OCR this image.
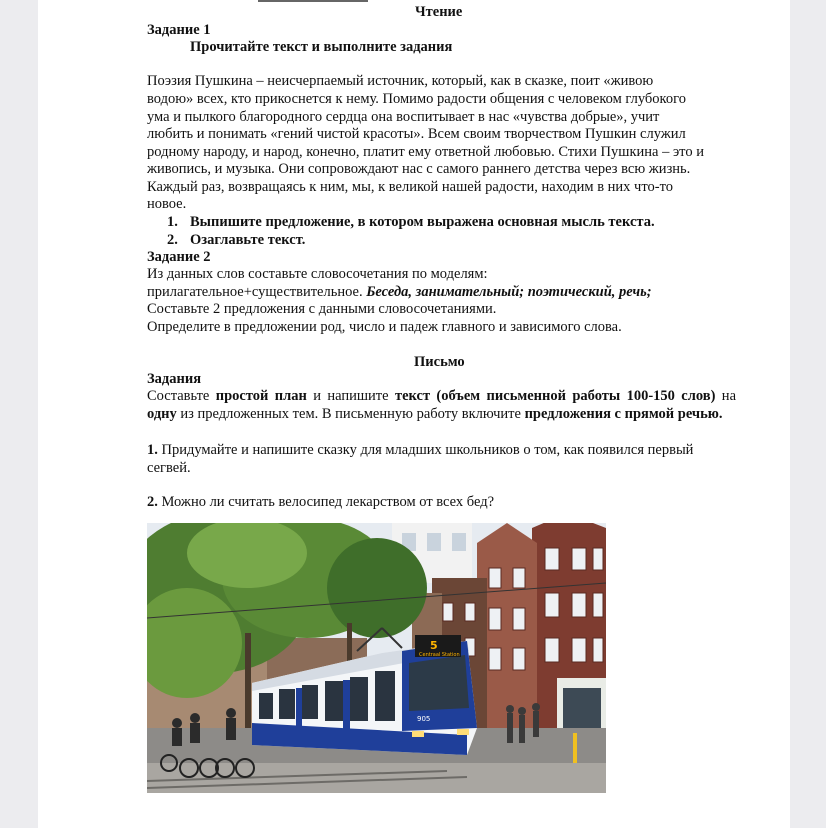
Чтение
Задание 1
Прочитайте текст и выполните задания
Поэзия Пушкина – неисчерпаемый источник, который, как в сказке, поит «живою
водою» всех, кто прикоснется к нему. Помимо радости общения с человеком глубокого
ума и пылкого благородного сердца она воспитывает в нас «чувства добрые», учит
любить и понимать «гений чистой красоты». Всем своим творчеством Пушкин служил
родному народу, и народ, конечно, платит ему ответной любовью. Стихи Пушкина – это и
живопись, и музыка. Они сопровождают нас с самого раннего детства через всю жизнь.
Каждый раз, возвращаясь к ним, мы, к великой нашей радости, находим в них что-то
новое.
1. Выпишите предложение, в котором выражена основная мысль текста.
2. Озаглавьте текст.
Задание 2
Из данных слов составьте словосочетания по моделям:
прилагательное+существительное. Беседа, занимательный; поэтический, речь;
Составьте 2 предложения с данными словосочетаниями.
Определите в предложении род, число и падеж главного и зависимого слова.
Письмо
Задания
Составьте простой план и напишите текст (объем письменной работы 100-150 слов) на одну из предложенных тем. В письменную работу включите предложения с прямой речью.
1. Придумайте и напишите сказку для младших школьников о том, как появился первый
сегвей.
2. Можно ли считать велосипед лекарством от всех бед?
5
Centraal Station
905
